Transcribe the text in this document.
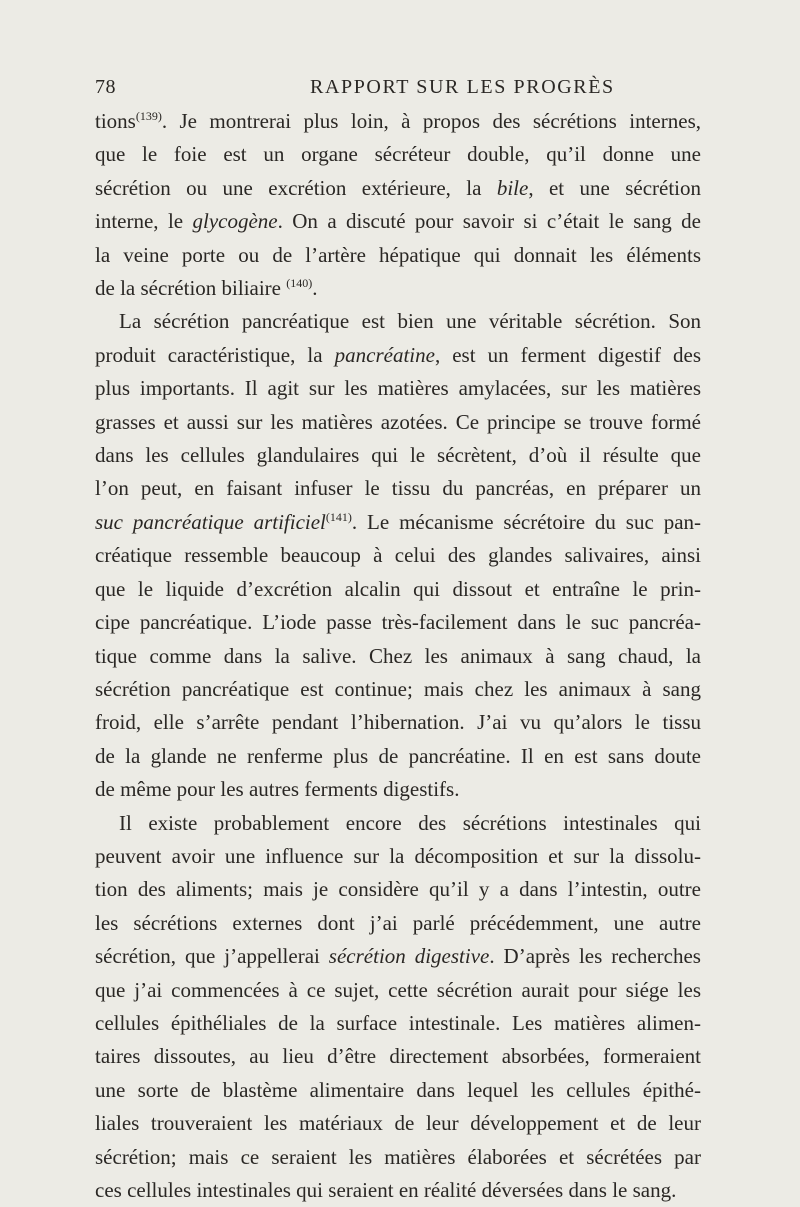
78	RAPPORT SUR LES PROGRÈS

tions$^{(139)}$. Je montrerai plus loin, à propos des sécrétions internes,
que le foie est un organe sécréteur double, qu’il donne une
sécrétion ou une excrétion extérieure, la bile, et une sécrétion
interne, le glycogène. On a discuté pour savoir si c’était le sang de
la veine porte ou de l’artère hépatique qui donnait les éléments
de la sécrétion biliaire $^{(140)}$.

La sécrétion pancréatique est bien une véritable sécrétion. Son
produit caractéristique, la pancréatine, est un ferment digestif des
plus importants. Il agit sur les matières amylacées, sur les matières
grasses et aussi sur les matières azotées. Ce principe se trouve formé
dans les cellules glandulaires qui le sécrètent, d’où il résulte que
l’on peut, en faisant infuser le tissu du pancréas, en préparer un
suc pancréatique artificiel$^{(141)}$. Le mécanisme sécrétoire du suc pan-
créatique ressemble beaucoup à celui des glandes salivaires, ainsi
que le liquide d’excrétion alcalin qui dissout et entraîne le prin-
cipe pancréatique. L’iode passe très-facilement dans le suc pancréa-
tique comme dans la salive. Chez les animaux à sang chaud, la
sécrétion pancréatique est continue; mais chez les animaux à sang
froid, elle s’arrête pendant l’hibernation. J’ai vu qu’alors le tissu
de la glande ne renferme plus de pancréatine. Il en est sans doute
de même pour les autres ferments digestifs.

Il existe probablement encore des sécrétions intestinales qui
peuvent avoir une influence sur la décomposition et sur la dissolu-
tion des aliments; mais je considère qu’il y a dans l’intestin, outre
les sécrétions externes dont j’ai parlé précédemment, une autre
sécrétion, que j’appellerai sécrétion digestive. D’après les recherches
que j’ai commencées à ce sujet, cette sécrétion aurait pour siége les
cellules épithéliales de la surface intestinale. Les matières alimen-
taires dissoutes, au lieu d’être directement absorbées, formeraient
une sorte de blastème alimentaire dans lequel les cellules épithé-
liales trouveraient les matériaux de leur développement et de leur
sécrétion; mais ce seraient les matières élaborées et sécrétées par
ces cellules intestinales qui seraient en réalité déversées dans le sang.
